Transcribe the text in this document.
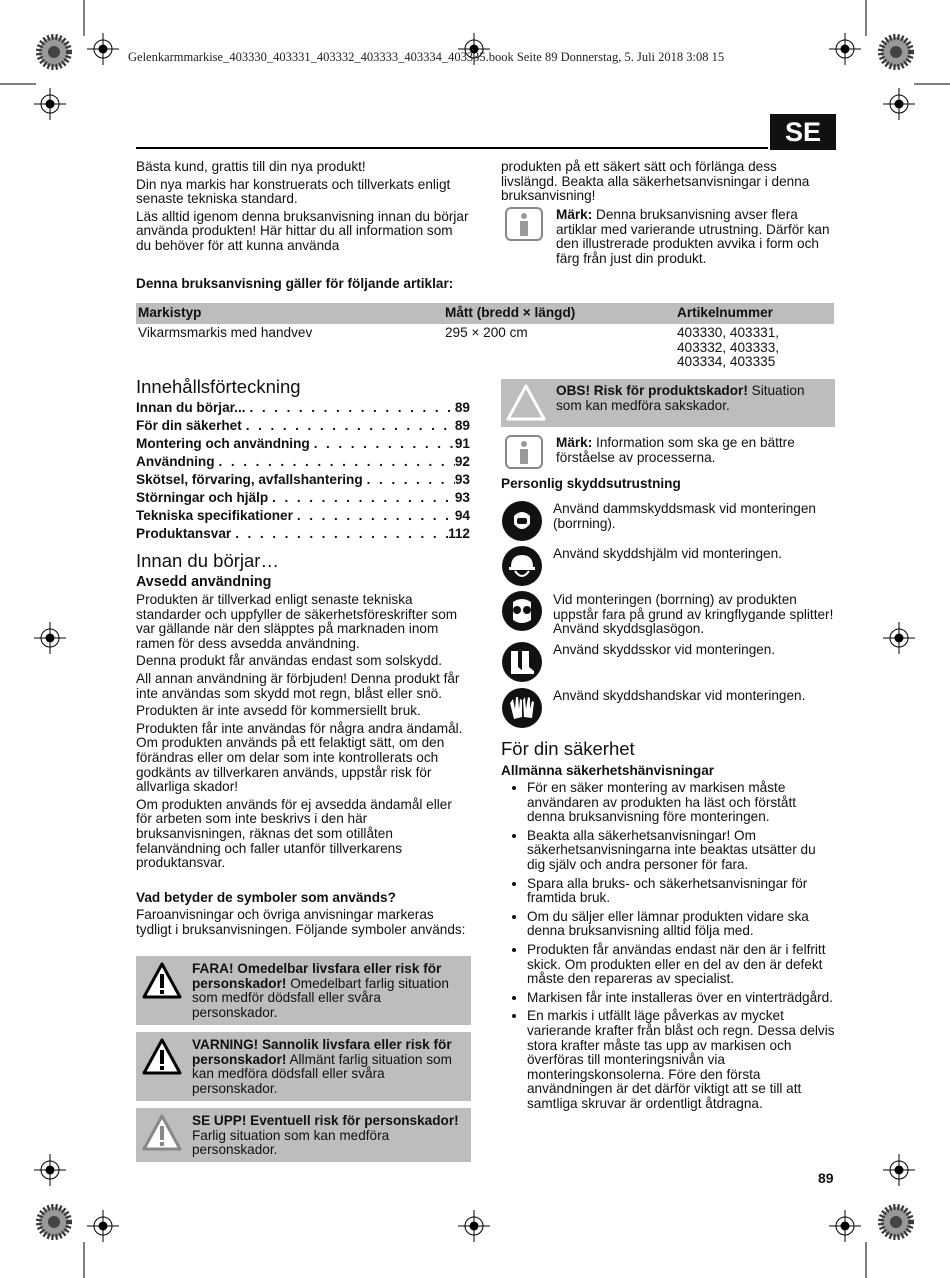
Gelenkarmmarkise_403330_403331_403332_403333_403334_403335.book Seite 89 Donnerstag, 5. Juli 2018 3:08 15
SE

Bästa kund, grattis till din nya produkt!

Din nya markis har konstruerats och tillverkats enligt senaste tekniska standard.

Läs alltid igenom denna bruksanvisning innan du börjar använda produkten! Här hittar du all information som du behöver för att kunna använda

produkten på ett säkert sätt och förlänga dess livslängd. Beakta alla säkerhetsanvisningar i denna bruksanvisning!

Märk: Denna bruksanvisning avser flera artiklar med varierande utrustning. Därför kan den illustrerade produkten avvika i form och färg från just din produkt.
Denna bruksanvisning gäller för följande artiklar:
Markistyp	Mått (bredd × längd)	Artikelnummer
Vikarmsmarkis med handvev	295 × 200 cm	403330, 403331, 403332, 403333, 403334, 403335
Innehållsförteckning
Innan du börjar... . . .	89
För din säkerhet . . .	89
Montering och användning . . .	91
Användning . . .	92
Skötsel, förvaring, avfallshantering . . .	93
Störningar och hjälp . . .	93
Tekniska specifikationer . . .	94
Produktansvar . . .	112
Innan du börjar…
Avsedd användning

Produkten är tillverkad enligt senaste tekniska standarder och uppfyller de säkerhetsföreskrifter som var gällande när den släpptes på marknaden inom ramen för dess avsedda användning.

Denna produkt får användas endast som solskydd.

All annan användning är förbjuden! Denna produkt får inte användas som skydd mot regn, blåst eller snö.

Produkten är inte avsedd för kommersiellt bruk.

Produkten får inte användas för några andra ändamål. Om produkten används på ett felaktigt sätt, om den förändras eller om delar som inte kontrollerats och godkänts av tillverkaren används, uppstår risk för allvarliga skador!

Om produkten används för ej avsedda ändamål eller för arbeten som inte beskrivs i den här bruksanvisningen, räknas det som otillåten felanvändning och faller utanför tillverkarens produktansvar.

Vad betyder de symboler som används?
Faroanvisningar och övriga anvisningar markeras tydligt i bruksanvisningen. Följande symboler används:
FARA! Omedelbar livsfara eller risk för personskador! Omedelbart farlig situation som medför dödsfall eller svåra personskador.
VARNING! Sannolik livsfara eller risk för personskador! Allmänt farlig situation som kan medföra dödsfall eller svåra personskador.
SE UPP! Eventuell risk för personskador! Farlig situation som kan medföra personskador.
OBS! Risk för produktskador! Situation som kan medföra sakskador.
Märk: Information som ska ge en bättre förståelse av processerna.
Personlig skyddsutrustning
Använd dammskyddsmask vid monteringen (borrning).
Använd skyddshjälm vid monteringen.
Vid monteringen (borrning) av produkten uppstår fara på grund av kringflygande splitter! Använd skyddsglasögon.
Använd skyddsskor vid monteringen.
Använd skyddshandskar vid monteringen.
För din säkerhet
Allmänna säkerhetshänvisningar
• För en säker montering av markisen måste användaren av produkten ha läst och förstått denna bruksanvisning före monteringen.
• Beakta alla säkerhetsanvisningar! Om säkerhetsanvisningarna inte beaktas utsätter du dig själv och andra personer för fara.
• Spara alla bruks- och säkerhetsanvisningar för framtida bruk.
• Om du säljer eller lämnar produkten vidare ska denna bruksanvisning alltid följa med.
• Produkten får användas endast när den är i felfritt skick. Om produkten eller en del av den är defekt måste den repareras av specialist.
• Markisen får inte installeras över en vinterträdgård.
• En markis i utfällt läge påverkas av mycket varierande krafter från blåst och regn. Dessa delvis stora krafter måste tas upp av markisen och överföras till monteringsnivån via monteringskonsolerna. Före den första användningen är det därför viktigt att se till att samtliga skruvar är ordentligt åtdragna.
89
